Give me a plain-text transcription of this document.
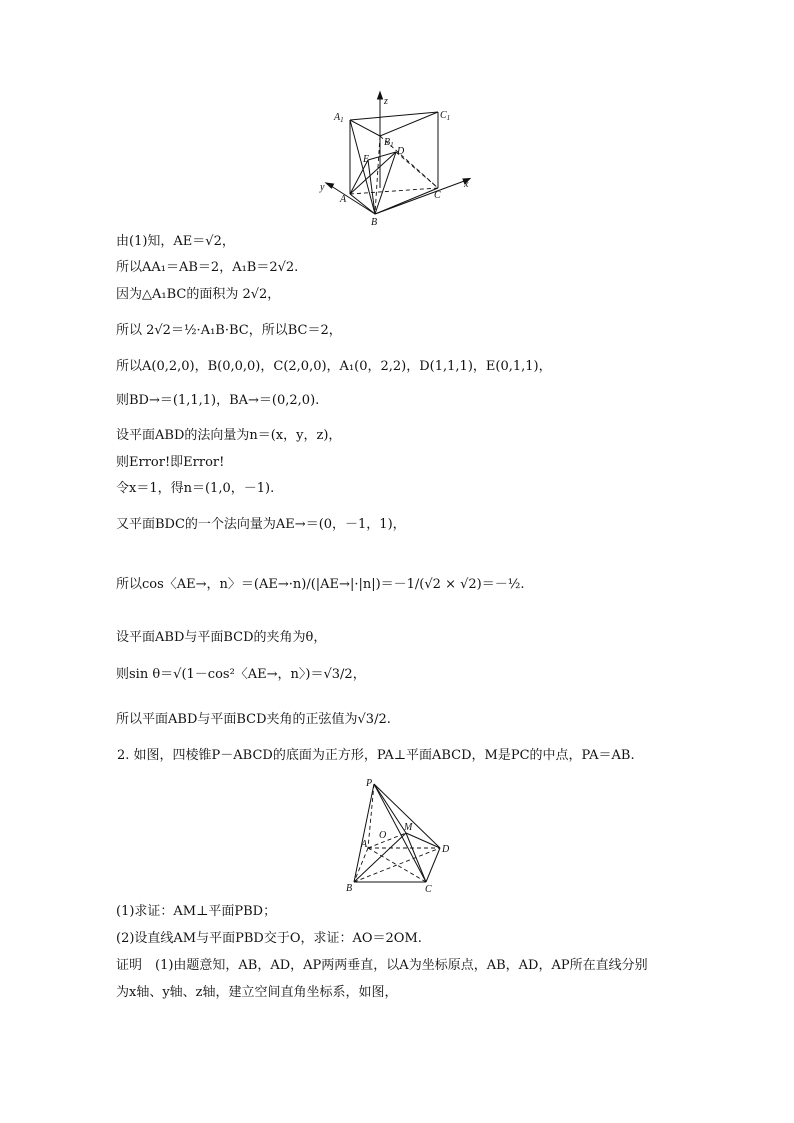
$A_1$
z
$C_1$
$B_1$
D
E
y	x
A
B
C
由(1)知，AE＝√2，
所以AA₁＝AB＝2，A₁B＝2√2.
因为△A₁BC的面积为 2√2，
所以 2√2＝½·A₁B·BC，所以BC＝2，
所以A(0,2,0)，B(0,0,0)，C(2,0,0)，A₁(0，2,2)，D(1,1,1)，E(0,1,1)，
则BD→＝(1,1,1)，BA→＝(0,2,0).
设平面ABD的法向量为n＝(x，y，z)，
则Error!即Error!
令x＝1，得n＝(1,0，－1).
又平面BDC的一个法向量为AE→＝(0，－1，1)，
所以cos〈AE→，n〉＝(AE→·n)/(|AE→|·|n|)＝－1/(√2 × √2)＝－½.
设平面ABD与平面BCD的夹角为θ，
则sin θ＝√(1－cos²〈AE→，n〉)＝√3/2，
所以平面ABD与平面BCD夹角的正弦值为√3/2.
2. 如图，四棱锥P－ABCD的底面为正方形，PA⊥平面ABCD，M是PC的中点，PA＝AB.
P
O
M
A	D
B	C
(1)求证：AM⊥平面PBD；
(2)设直线AM与平面PBD交于O，求证：AO＝2OM.
证明　(1)由题意知，AB，AD，AP两两垂直，以A为坐标原点，AB，AD，AP所在直线分别
为x轴、y轴、z轴，建立空间直角坐标系，如图，
